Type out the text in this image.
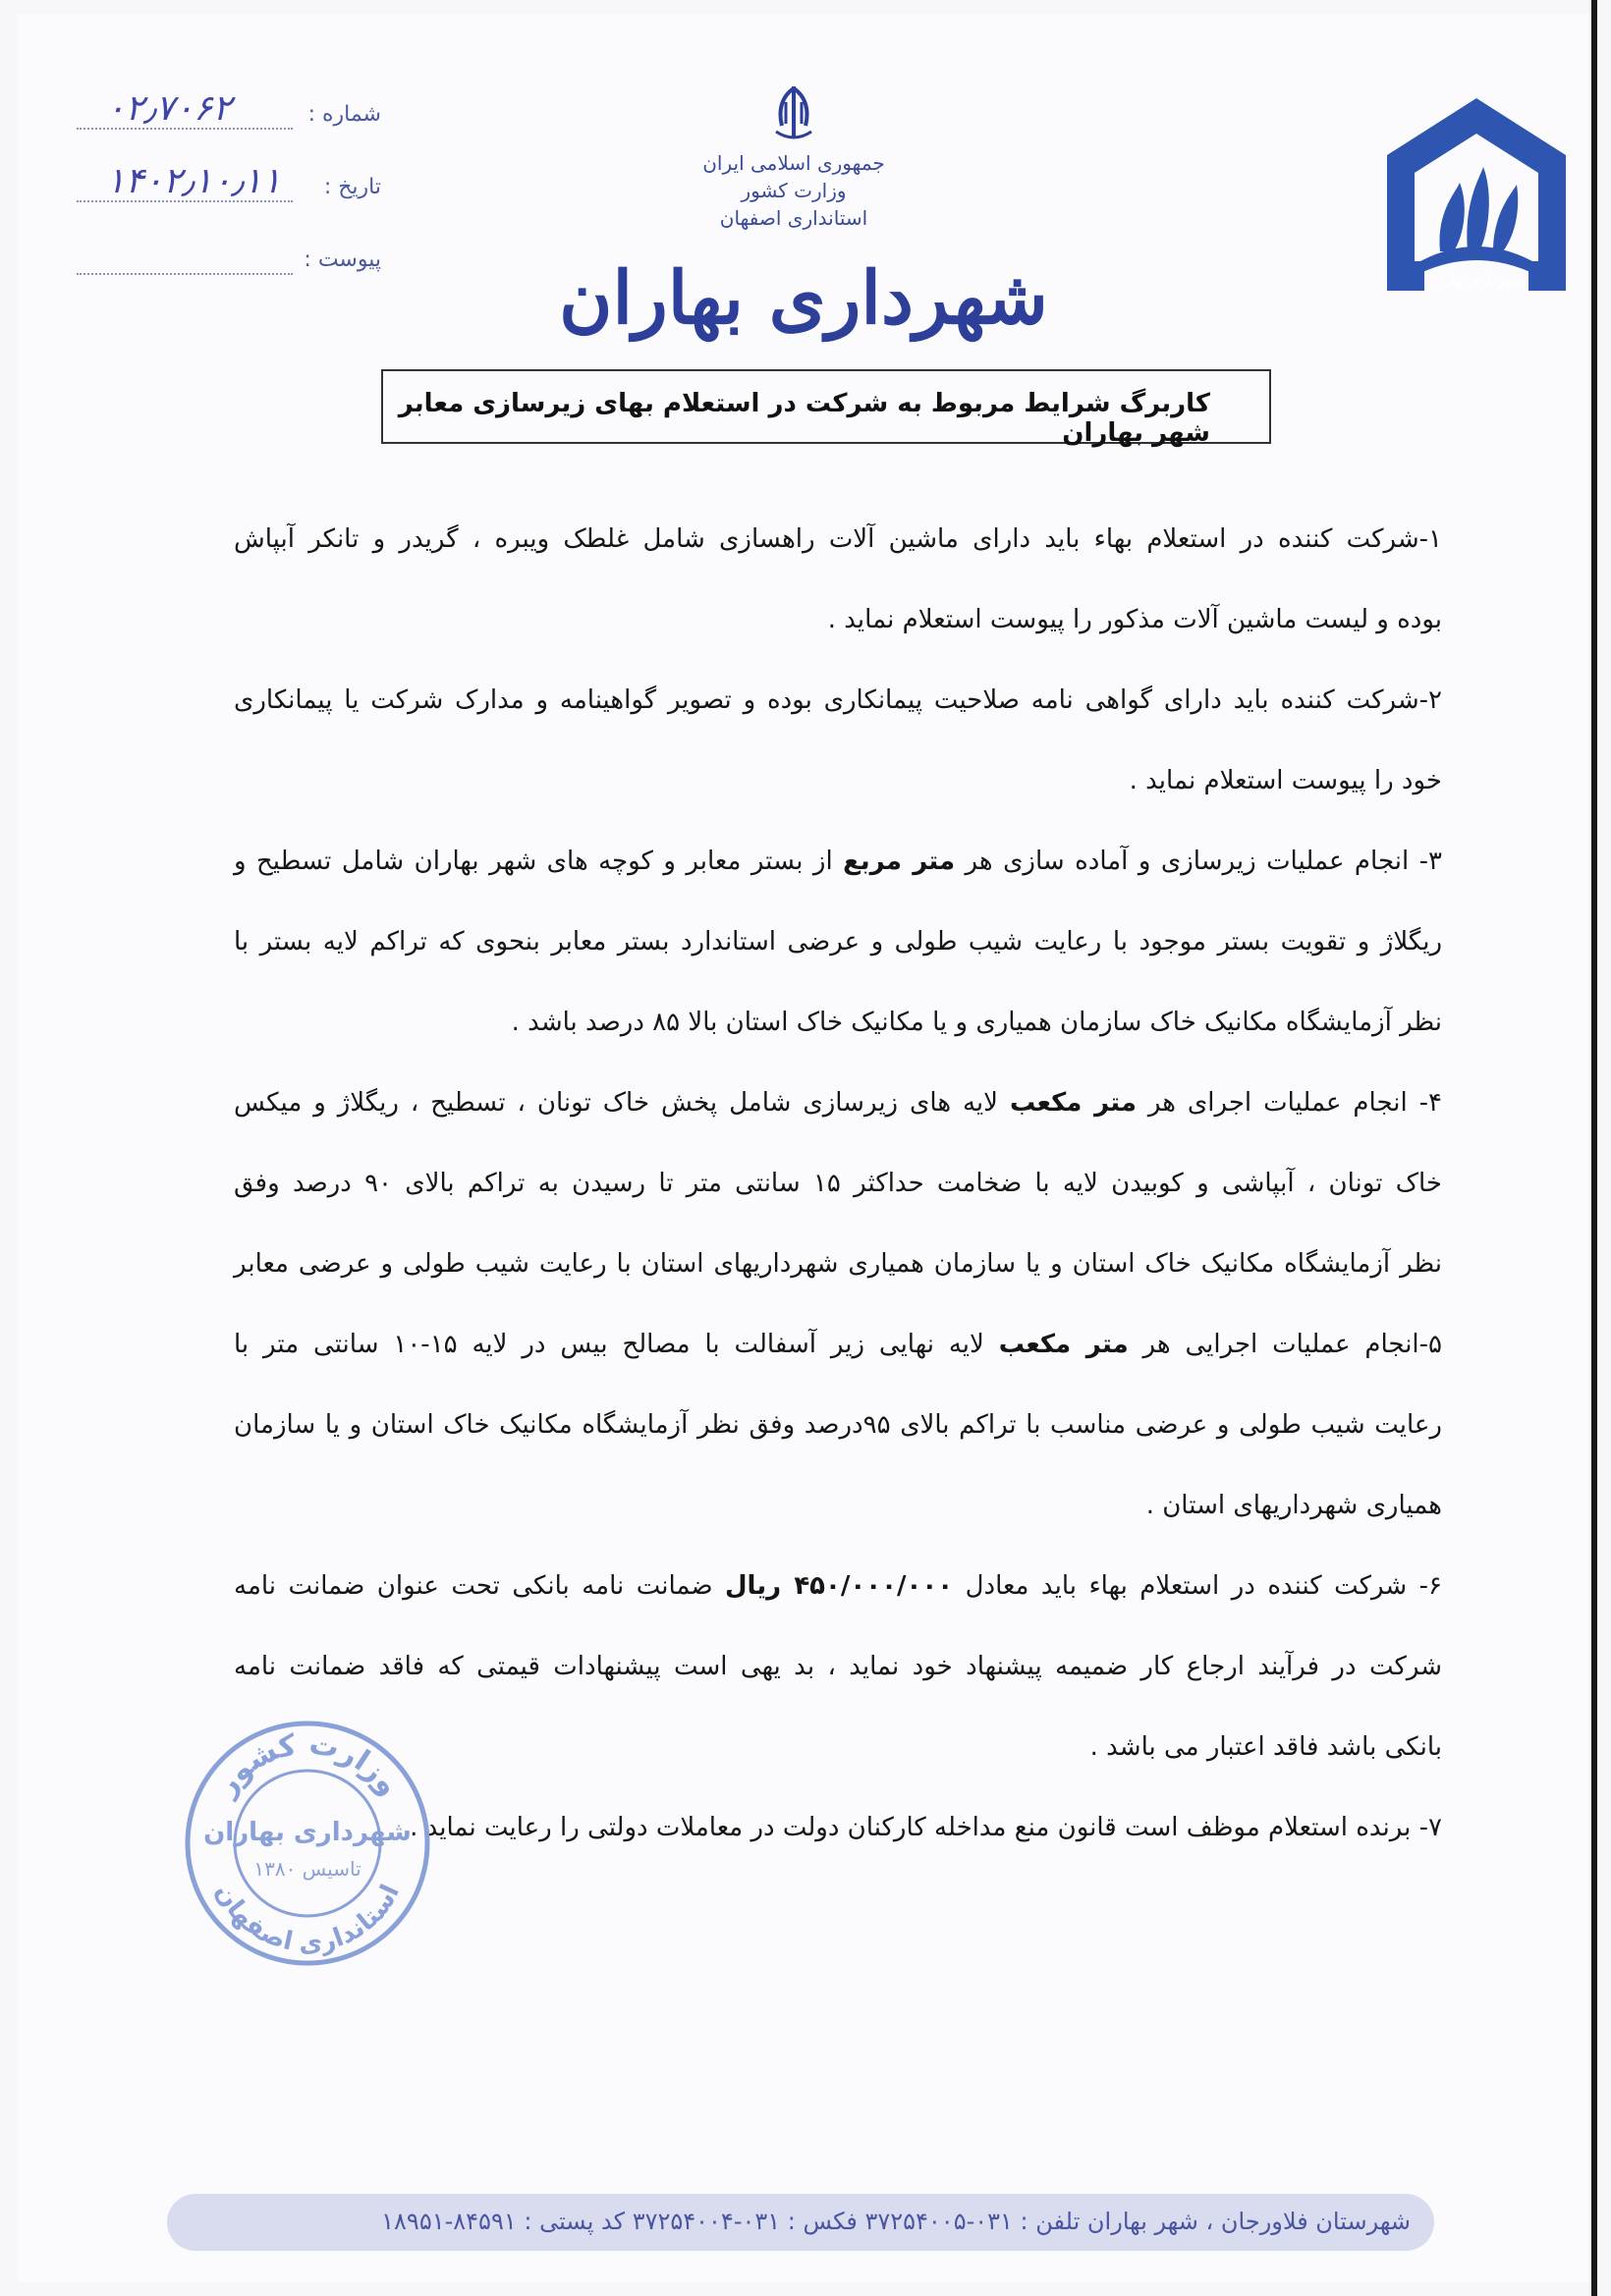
جمهوری اسلامی ایران
وزارت کشور
استانداری اصفهان
شهرداری بهاران	شهرداری بهاران
شماره :
۰۲٫۷۰۶۲
تاریخ :
۱۴۰۲٫۱۰٫۱۱
پیوست :
کاربرگ شرایط مربوط به شرکت در استعلام بهای زیرسازی معابر شهر بهاران
۱-شرکت کننده در استعلام بهاء باید دارای ماشین آلات راهسازی شامل غلطک ویبره ، گریدر و تانکر آبپاش
بوده و لیست ماشین آلات مذکور را پیوست استعلام نماید .
۲-شرکت کننده باید دارای گواهی نامه صلاحیت پیمانکاری بوده و تصویر گواهینامه و مدارک شرکت یا پیمانکاری
خود را پیوست استعلام نماید .
۳- انجام عملیات زیرسازی و آماده سازی هر متر مربع از بستر معابر و کوچه های شهر بهاران شامل تسطیح و
ریگلاژ و تقویت بستر موجود با رعایت شیب طولی و عرضی استاندارد بستر معابر بنحوی که تراکم لایه بستر با
نظر آزمایشگاه مکانیک خاک سازمان همیاری و یا مکانیک خاک استان بالا ۸۵ درصد باشد .
۴- انجام عملیات اجرای هر متر مکعب لایه های زیرسازی شامل پخش خاک تونان ، تسطیح ، ریگلاژ و میکس
خاک تونان ، آبپاشی و کوبیدن لایه با ضخامت حداکثر ۱۵ سانتی متر تا رسیدن به تراکم بالای ۹۰ درصد وفق
نظر آزمایشگاه مکانیک خاک استان و یا سازمان همیاری شهرداریهای استان با رعایت شیب طولی و عرضی معابر
۵-انجام عملیات اجرایی هر متر مکعب لایه نهایی زیر آسفالت با مصالح بیس در لایه ۱۵-۱۰ سانتی متر با
رعایت شیب طولی و عرضی مناسب با تراکم بالای ۹۵درصد وفق نظر آزمایشگاه مکانیک خاک استان و یا سازمان
همیاری شهرداریهای استان .
۶- شرکت کننده در استعلام بهاء باید معادل ۴۵۰/۰۰۰/۰۰۰ ریال ضمانت نامه بانکی تحت عنوان ضمانت نامه
شرکت در فرآیند ارجاع کار ضمیمه پیشنهاد خود نماید ، بد یهی است پیشنهادات قیمتی که فاقد ضمانت نامه
بانکی باشد فاقد اعتبار می باشد .
۷- برنده استعلام موظف است قانون منع مداخله کارکنان دولت در معاملات دولتی را رعایت نماید .
وزارت کشور
استانداری اصفهان
شهرداری بهاران
تاسیس ۱۳۸۰
شهرستان فلاورجان ، شهر بهاران تلفن : ۰۳۱-۳۷۲۵۴۰۰۵ فکس : ۰۳۱-۳۷۲۵۴۰۰۴ کد پستی : ۸۴۵۹۱-۱۸۹۵۱
